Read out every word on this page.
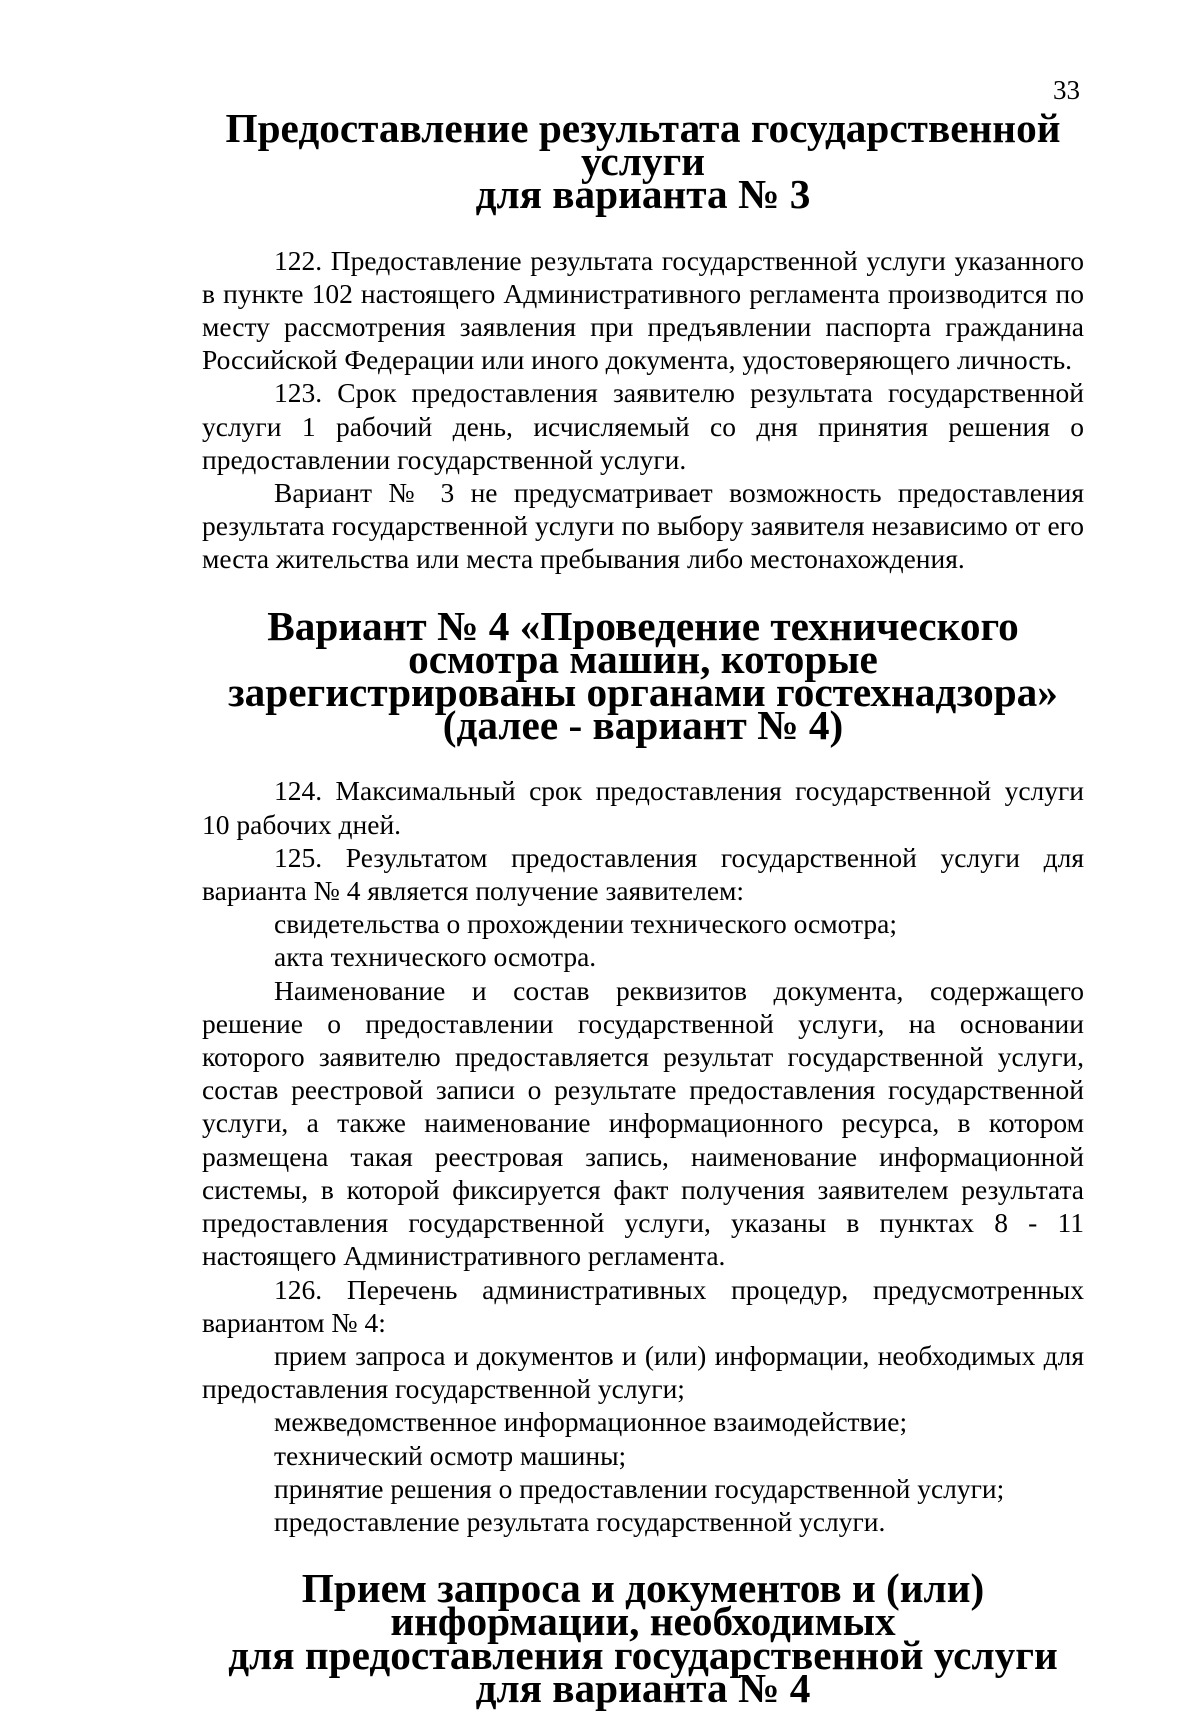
33
Предоставление результата государственной услуги
для варианта № 3

122. Предоставление результата государственной услуги указанного в пункте 102 настоящего Административного регламента производится по месту рассмотрения заявления при предъявлении паспорта гражданина Российской Федерации или иного документа, удостоверяющего личность.

123. Срок предоставления заявителю результата государственной услуги 1 рабочий день, исчисляемый со дня принятия решения о предоставлении государственной услуги.

Вариант № 3 не предусматривает возможность предоставления результата государственной услуги по выбору заявителя независимо от его места жительства или места пребывания либо местонахождения.

Вариант № 4 «Проведение технического осмотра машин, которые
зарегистрированы органами гостехнадзора» (далее - вариант № 4)

124. Максимальный срок предоставления государственной услуги 10 рабочих дней.

125. Результатом предоставления государственной услуги для варианта № 4 является получение заявителем:

свидетельства о прохождении технического осмотра;

акта технического осмотра.

Наименование и состав реквизитов документа, содержащего решение о предоставлении государственной услуги, на основании которого заявителю предоставляется результат государственной услуги, состав реестровой записи о результате предоставления государственной услуги, а также наименование информационного ресурса, в котором размещена такая реестровая запись, наименование информационной системы, в которой фиксируется факт получения заявителем результата предоставления государственной услуги, указаны в пунктах 8 - 11 настоящего Административного регламента.

126. Перечень административных процедур, предусмотренных вариантом № 4:

прием запроса и документов и (или) информации, необходимых для предоставления государственной услуги;

межведомственное информационное взаимодействие;

технический осмотр машины;

принятие решения о предоставлении государственной услуги;

предоставление результата государственной услуги.

Прием запроса и документов и (или) информации, необходимых
для предоставления государственной услуги для варианта № 4
